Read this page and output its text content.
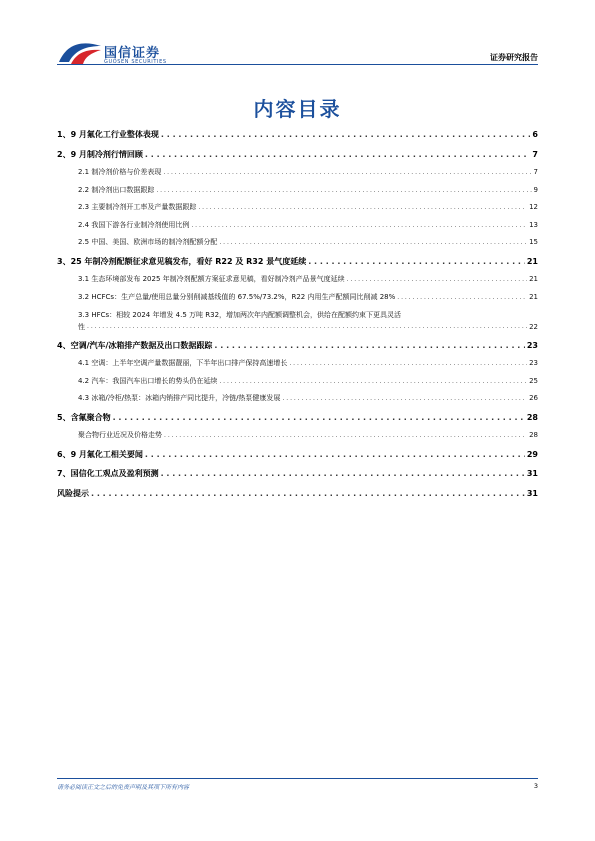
国信证券
GUOSEN SECURITIES	证券研究报告
内容目录
1、9 月氟化工行业整体表现 . . .	6
2、9 月制冷剂行情回顾 . . .	7
2.1 制冷剂价格与价差表现 . . .	7
2.2 制冷剂出口数据跟踪 . . .	9
2.3 主要制冷剂开工率及产量数据跟踪 . . .	12
2.4 我国下游各行业制冷剂使用比例 . . .	13
2.5 中国、美国、欧洲市场的制冷剂配额分配 . . .	15
3、25 年制冷剂配额征求意见稿发布，看好 R22 及 R32 景气度延续 . . .	21
3.1 生态环境部发布 2025 年制冷剂配额方案征求意见稿，看好制冷剂产品景气度延续 . . .	21
3.2 HCFCs：生产总量/使用总量分别削减基线值的 67.5%/73.2%，R22 内用生产配额同比削减 28% . . .	21
3.3 HFCs：相较 2024 年增发 4.5 万吨 R32，增加两次年内配额调整机会，供给在配额约束下更具灵活
性 . . .	22
4、空调/汽车/冰箱排产数据及出口数据跟踪 . . .	23
4.1 空调：上半年空调产量数据靓丽，下半年出口排产保持高速增长 . . .	23
4.2 汽车：我国汽车出口增长的势头仍在延续 . . .	25
4.3 冰箱/冷柜/热泵：冰箱内销排产同比提升，冷链/热泵健康发展 . . .	26
5、含氟聚合物 . . .	28
聚合物行业近况及价格走势 . . .	28
6、9 月氟化工相关要闻 . . .	29
7、国信化工观点及盈利预测 . . .	31
风险提示 . . .	31
请务必阅读正文之后的免责声明及其项下所有内容	3
